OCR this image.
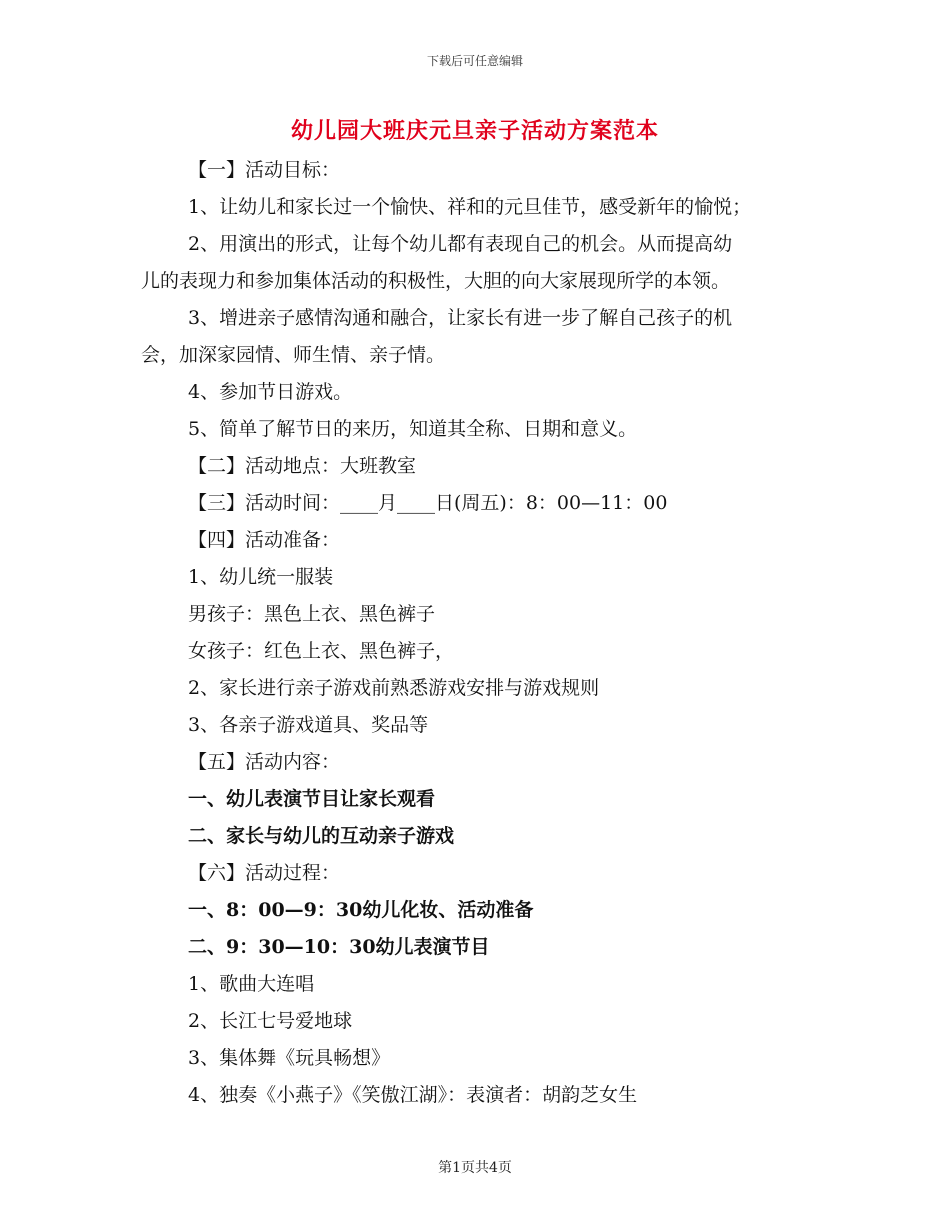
下载后可任意编辑
幼儿园大班庆元旦亲子活动方案范本

【一】活动目标：

1、让幼儿和家长过一个愉快、祥和的元旦佳节，感受新年的愉悦；

2、用演出的形式，让每个幼儿都有表现自己的机会。从而提高幼

儿的表现力和参加集体活动的积极性，大胆的向大家展现所学的本领。

3、增进亲子感情沟通和融合，让家长有进一步了解自己孩子的机

会，加深家园情、师生情、亲子情。

4、参加节日游戏。

5、简单了解节日的来历，知道其全称、日期和意义。

【二】活动地点：大班教室

【三】活动时间：____月____日(周五)：8：00—11：00

【四】活动准备：

1、幼儿统一服装

男孩子：黑色上衣、黑色裤子

女孩子：红色上衣、黑色裤子，

2、家长进行亲子游戏前熟悉游戏安排与游戏规则

3、各亲子游戏道具、奖品等

【五】活动内容：

一、幼儿表演节目让家长观看

二、家长与幼儿的互动亲子游戏

【六】活动过程：

一、8：00—9：30幼儿化妆、活动准备

二、9：30—10：30幼儿表演节目

1、歌曲大连唱

2、长江七号爱地球

3、集体舞《玩具畅想》

4、独奏《小燕子》《笑傲江湖》：表演者：胡韵芝女生

第1页共4页
